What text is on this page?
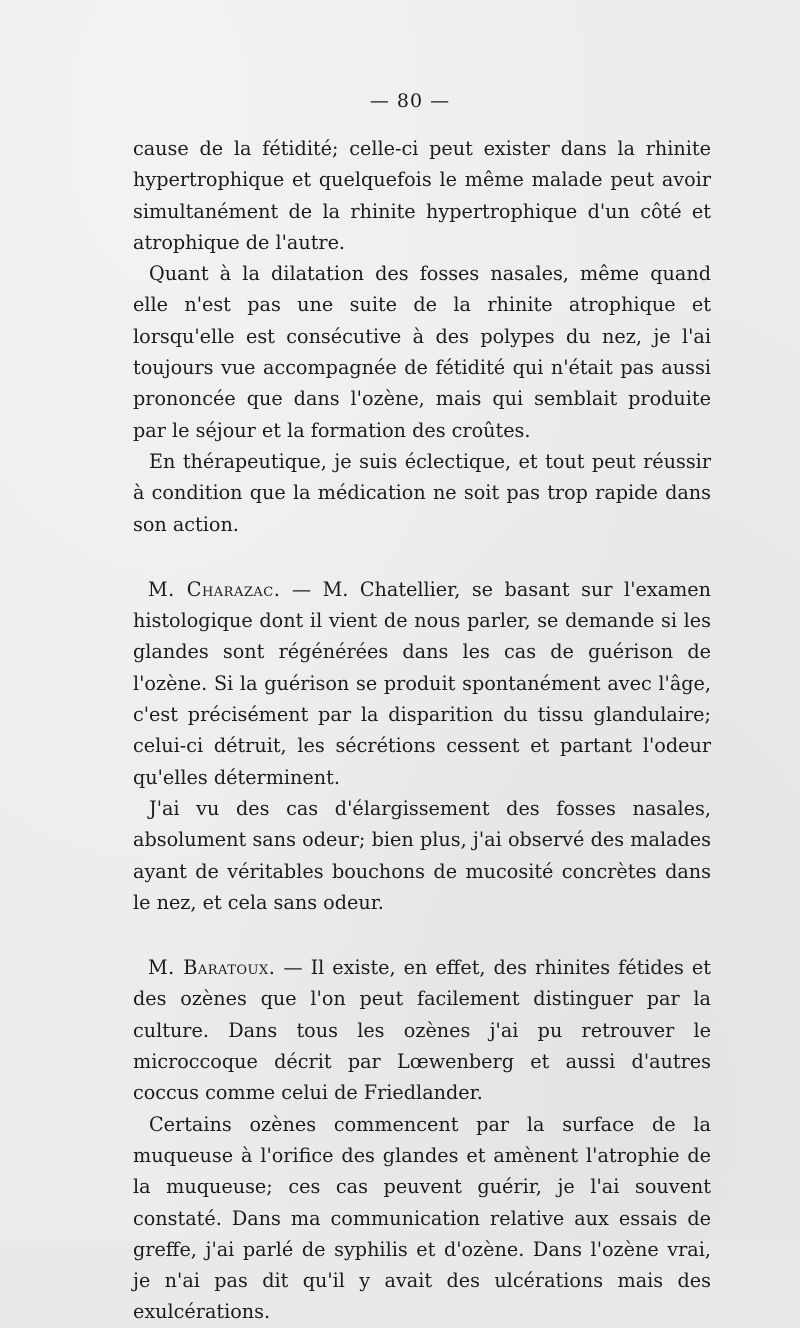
— 80 —

cause de la fétidité; celle-ci peut exister dans la rhinite hypertrophique et quelquefois le même malade peut avoir simultanément de la rhinite hypertrophique d'un côté et atrophique de l'autre.

Quant à la dilatation des fosses nasales, même quand elle n'est pas une suite de la rhinite atrophique et lorsqu'elle est consécutive à des polypes du nez, je l'ai toujours vue accompagnée de fétidité qui n'était pas aussi prononcée que dans l'ozène, mais qui semblait produite par le séjour et la formation des croûtes.

En thérapeutique, je suis éclectique, et tout peut réussir à condition que la médication ne soit pas trop rapide dans son action.

M. Charazac. — M. Chatellier, se basant sur l'examen histologique dont il vient de nous parler, se demande si les glandes sont régénérées dans les cas de guérison de l'ozène. Si la guérison se produit spontanément avec l'âge, c'est précisément par la disparition du tissu glandulaire; celui-ci détruit, les sécrétions cessent et partant l'odeur qu'elles déterminent.

J'ai vu des cas d'élargissement des fosses nasales, absolument sans odeur; bien plus, j'ai observé des malades ayant de véritables bouchons de mucosité concrètes dans le nez, et cela sans odeur.

M. Baratoux. — Il existe, en effet, des rhinites fétides et des ozènes que l'on peut facilement distinguer par la culture. Dans tous les ozènes j'ai pu retrouver le microccoque décrit par Lœwenberg et aussi d'autres coccus comme celui de Friedlander.

Certains ozènes commencent par la surface de la muqueuse à l'orifice des glandes et amènent l'atrophie de la muqueuse; ces cas peuvent guérir, je l'ai souvent constaté. Dans ma communication relative aux essais de greffe, j'ai parlé de syphilis et d'ozène. Dans l'ozène vrai, je n'ai pas dit qu'il y avait des ulcérations mais des exulcérations.
